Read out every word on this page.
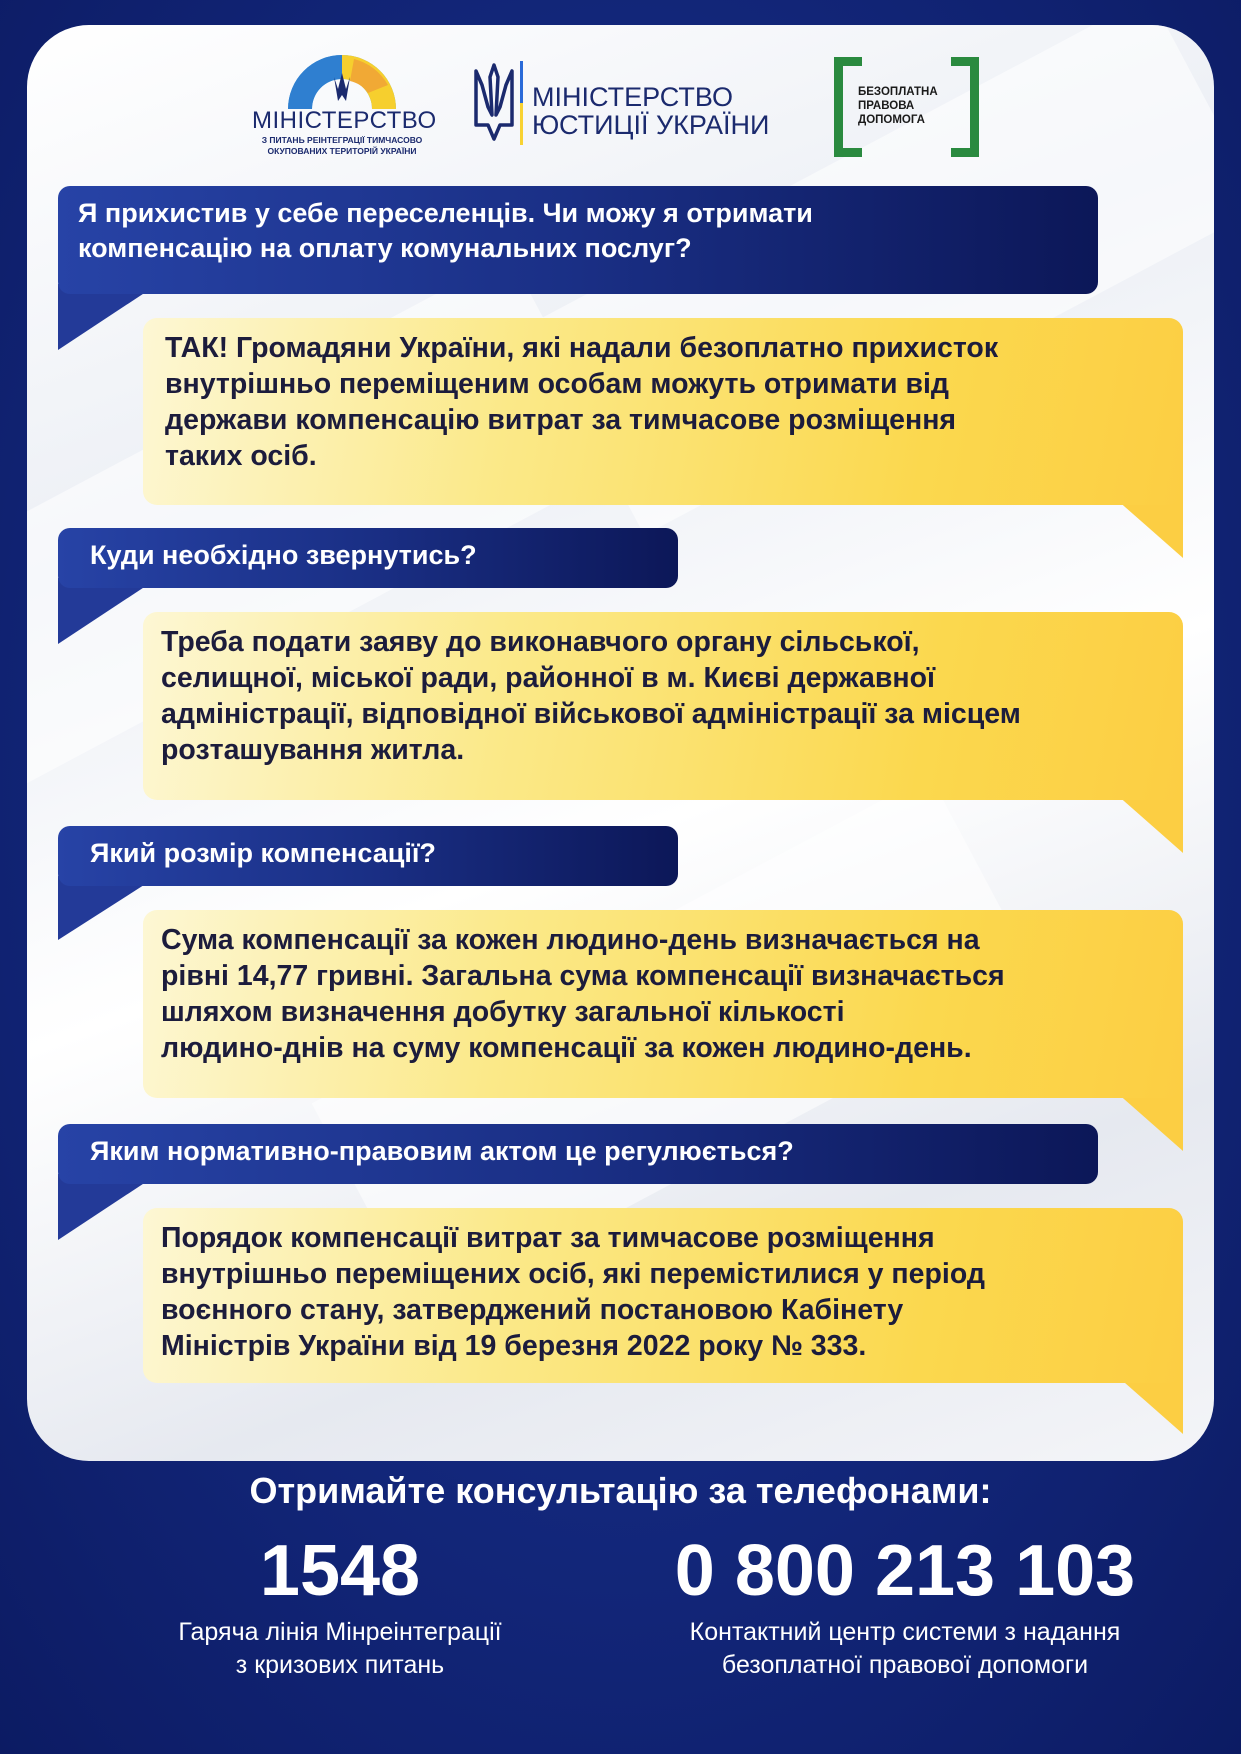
МІНІСТЕРСТВО
З ПИТАНЬ РЕІНТЕГРАЦІЇ ТИМЧАСОВО
ОКУПОВАНИХ ТЕРИТОРІЙ УКРАЇНИ
МІНІСТЕРСТВО
ЮСТИЦІЇ УКРАЇНИ
БЕЗОПЛАТНА
ПРАВОВА
ДОПОМОГА
Я прихистив у себе переселенців. Чи можу я отримати
компенсацію на оплату комунальних послуг?
ТАК! Громадяни України, які надали безоплатно прихисток
внутрішньо переміщеним особам можуть отримати від
держави компенсацію витрат за тимчасове розміщення
таких осіб.
Куди необхідно звернутись?
Треба подати заяву до виконавчого органу сільської,
селищної, міської ради, районної в м. Києві державної
адміністрації, відповідної військової адміністрації за місцем
розташування житла.
Який розмір компенсації?
Сума компенсації за кожен людино-день визначається на
рівні 14,77 гривні. Загальна сума компенсації визначається
шляхом визначення добутку загальної кількості
людино-днів на суму компенсації за кожен людино-день.
Яким нормативно-правовим актом це регулюється?
Порядок компенсації витрат за тимчасове розміщення
внутрішньо переміщених осіб, які перемістилися у період
воєнного стану, затверджений постановою Кабінету
Міністрів України від 19 березня 2022 року № 333.
Отримайте консультацію за телефонами:
1548
Гаряча лінія Мінреінтеграції
з кризових питань
0 800 213 103
Контактний центр системи з надання
безоплатної правової допомоги
